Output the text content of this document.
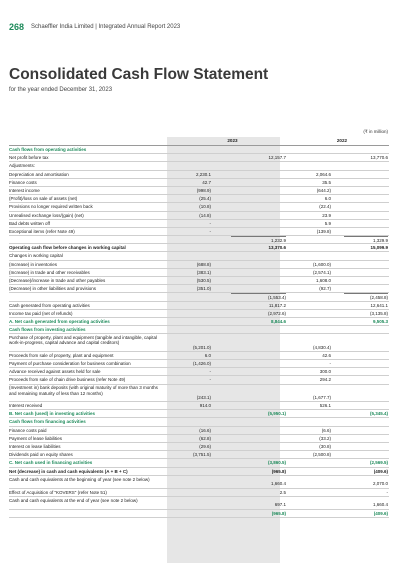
268 Schaeffler India Limited | Integrated Annual Report 2023
Consolidated Cash Flow Statement
for the year ended December 31, 2023
(₹ in million)
2023	2022
Cash flows from operating activities
Net profit before tax	12,157.7	13,770.6
Adjustments:
Depreciation and amortisation	2,230.1	2,064.6
Finance costs	42.7	35.5
Interest income	(998.9)	(644.2)
(Profit)/loss on sale of assets (net)	(25.4)	6.0
Provisions no longer required written back	(10.8)	(22.4)
Unrealised exchange loss/(gain) (net)	(14.8)	23.9
Bad debts written off	-	5.9
Exceptional items (refer Note 49)	-	(139.8)
1,232.9	1,329.9
Operating cash flow before changes in working capital	13,370.6	15,099.9
Changes in working capital
(Increase) in inventories	(688.8)	(1,600.0)
(Increase) in trade and other receivables	(383.1)	(2,574.1)
(Decrease)/increase in trade and other payables	(530.5)	1,608.0
(Decrease) in other liabilities and provisions	(351.0)	(92.7)
(1,553.4)	(2,458.8)
Cash generated from operating activities	11,817.2	12,641.1
Income tax paid (net of refunds)	(2,972.6)	(3,135.8)
A. Net cash generated from operating activities	8,844.6	9,505.3
Cash flows from investing activities
Purchase of property, plant and equipment (tangible and intangible, capital work-in-progress, capital advance and capital creditors)
(5,201.0)	(4,830.4)
Proceeds from sale of property, plant and equipment	6.0	42.6
Payment of purchase consideration for business combination	(1,426.0)	-
Advance received against assets held for sale	-	300.0
Proceeds from sale of chain drive business (refer Note 49)	-	294.2
(Investment in) bank deposits (with original maturity of more than 3 months and remaining maturity of less than 12 months)
(243.1)	(1,677.7)
Interest received	914.0	526.1
B. Net cash (used) in investing activities	(5,950.1)	(5,345.4)
Cash flows from financing activities
Finance costs paid	(16.6)	(6.6)
Payment of lease liabilities	(62.8)	(33.2)
Interest on lease liabilities	(29.6)	(30.8)
Dividends paid on equity shares	(3,751.5)	(2,500.8)
C. Net cash used in financing activities	(3,860.5)	(2,569.5)
Net (decrease) in cash and cash equivalents (A + B + C)	(965.8)	(409.6)
Cash and cash equivalents at the beginning of year (see note 2 below)
1,660.4	2,070.0
Effect of Acquisition of "KOVERS" (refer Note 51)	2.5	-
Cash and cash equivalents at the end of year (see note 2 below)
697.1	1,660.4
(965.8)	(409.6)
